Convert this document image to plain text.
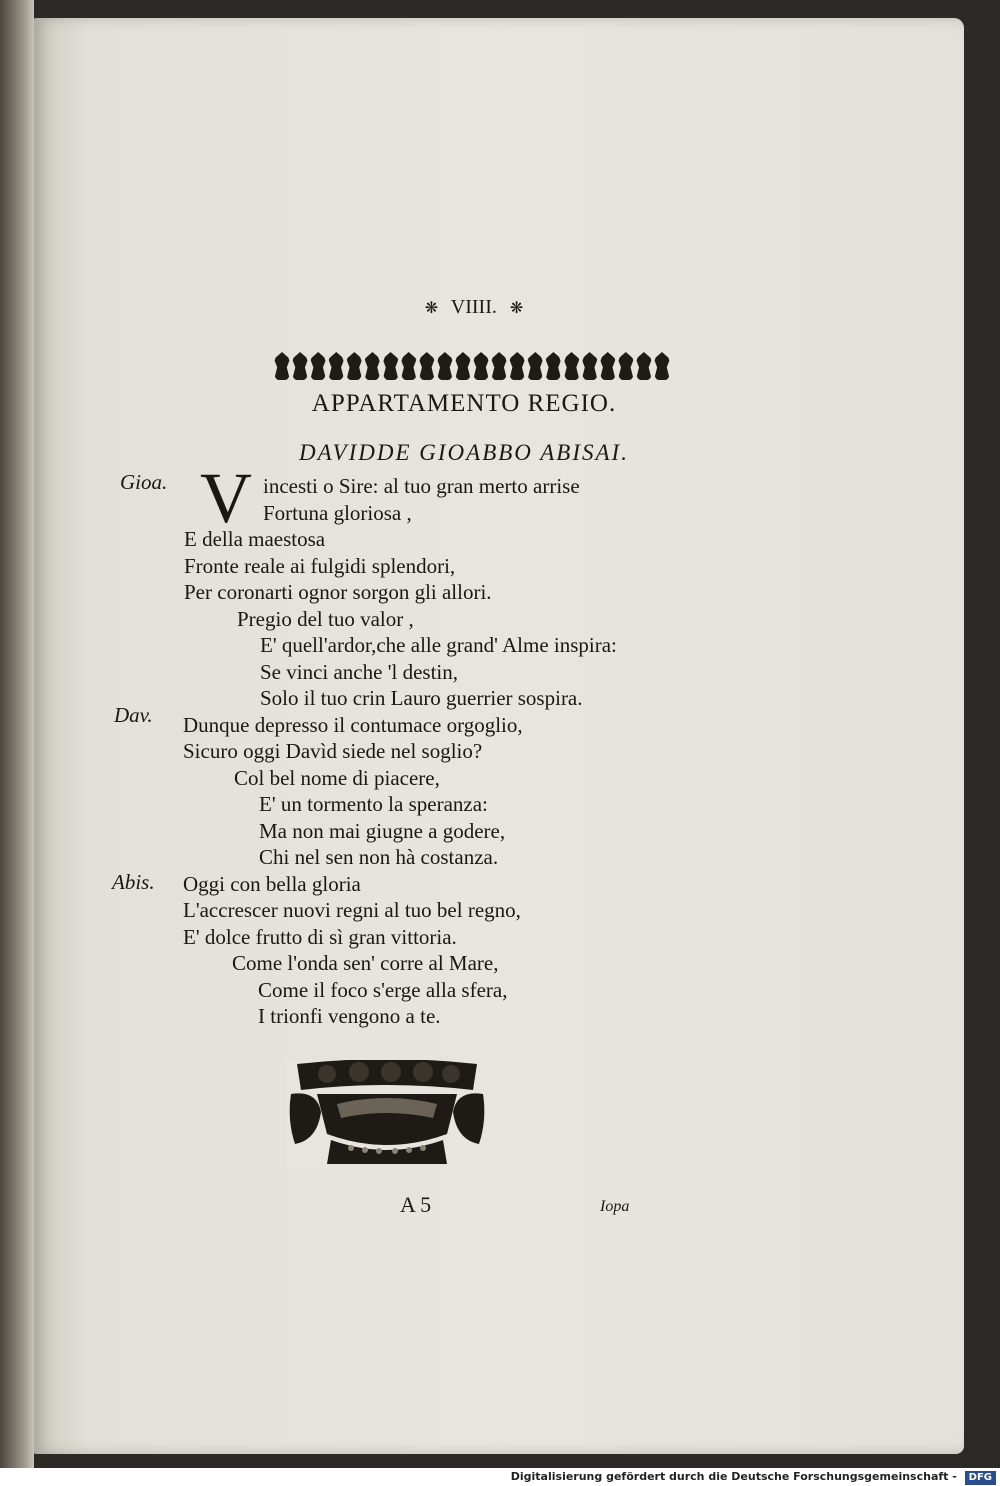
❋ VIIII. ❋
APPARTAMENTO REGIO.
DAVIDDE GIOABBO ABISAI.
Gioa.
Dav.
Abis.
V incesti o Sire: al tuo gran merto arrise
Fortuna gloriosa ,
E della maestosa
Fronte reale ai fulgidi splendori,
Per coronarti ognor sorgon gli allori.
Pregio del tuo valor ,
E' quell'ardor,che alle grand' Alme inspira:
Se vinci anche 'l destin,
Solo il tuo crin Lauro guerrier sospira.
Dunque depresso il contumace orgoglio,
Sicuro oggi Davìd siede nel soglio?
Col bel nome di piacere,
E' un tormento la speranza:
Ma non mai giugne a godere,
Chi nel sen non hà costanza.
Oggi con bella gloria
L'accrescer nuovi regni al tuo bel regno,
E' dolce frutto di sì gran vittoria.
Come l'onda sen' corre al Mare,
Come il foco s'erge alla sfera,
I trionfi vengono a te.
A 5	Iopa
Digitalisierung gefördert durch die Deutsche Forschungsgemeinschaft - DFG
